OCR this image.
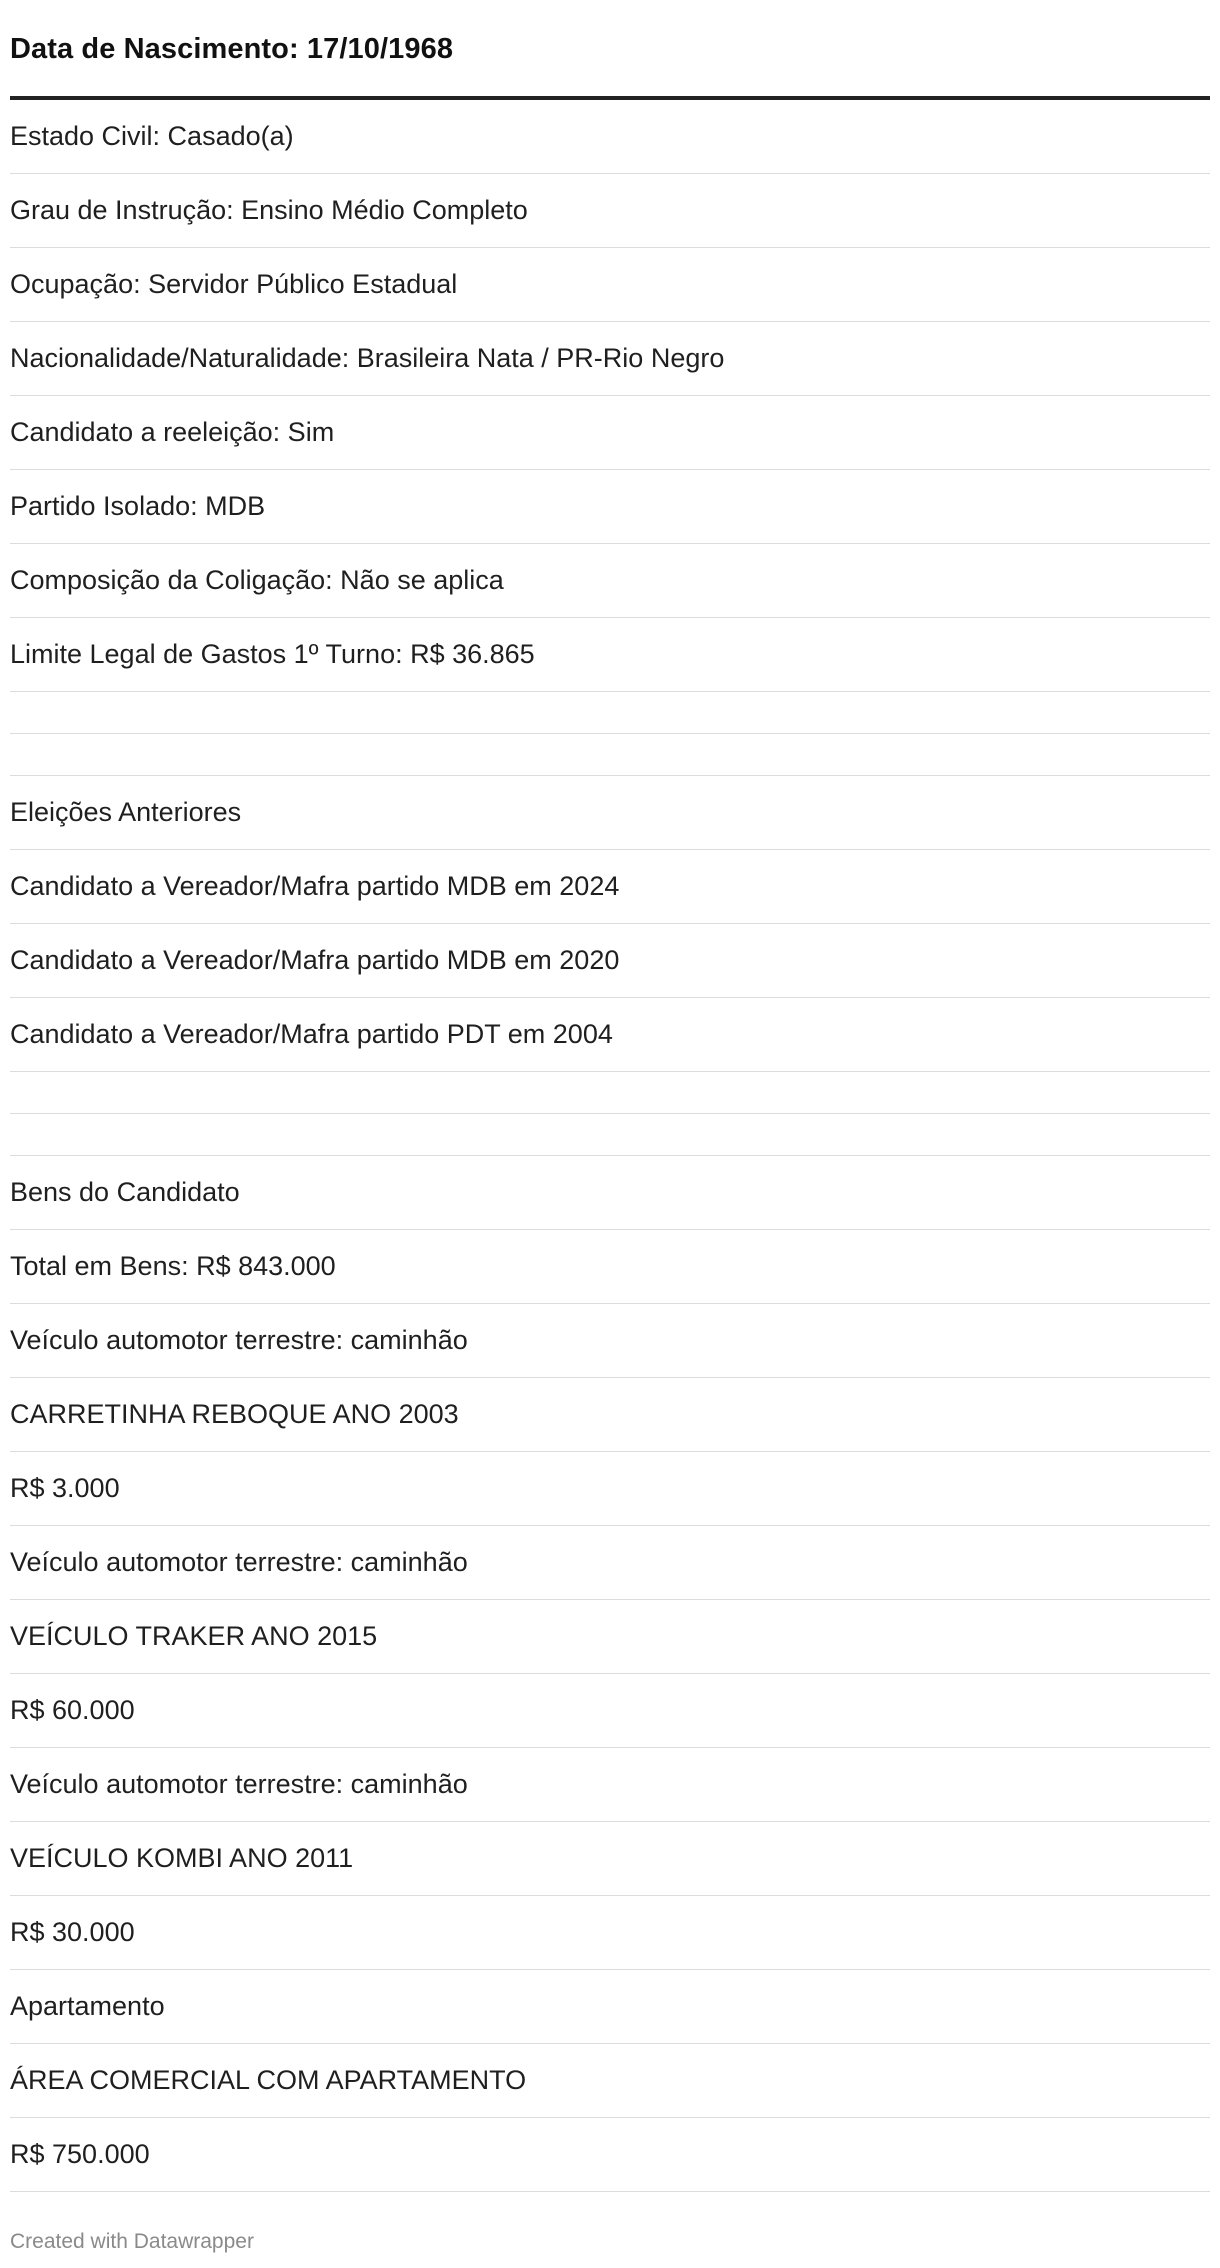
Data de Nascimento: 17/10/1968
Estado Civil: Casado(a)
Grau de Instrução: Ensino Médio Completo
Ocupação: Servidor Público Estadual
Nacionalidade/Naturalidade: Brasileira Nata / PR-Rio Negro
Candidato a reeleição: Sim
Partido Isolado: MDB
Composição da Coligação: Não se aplica
Limite Legal de Gastos 1º Turno: R$ 36.865
Eleições Anteriores
Candidato a Vereador/Mafra partido MDB em 2024
Candidato a Vereador/Mafra partido MDB em 2020
Candidato a Vereador/Mafra partido PDT em 2004
Bens do Candidato
Total em Bens: R$ 843.000
Veículo automotor terrestre: caminhão
CARRETINHA REBOQUE ANO 2003
R$ 3.000
Veículo automotor terrestre: caminhão
VEÍCULO TRAKER ANO 2015
R$ 60.000
Veículo automotor terrestre: caminhão
VEÍCULO KOMBI ANO 2011
R$ 30.000
Apartamento
ÁREA COMERCIAL COM APARTAMENTO
R$ 750.000
Created with Datawrapper
